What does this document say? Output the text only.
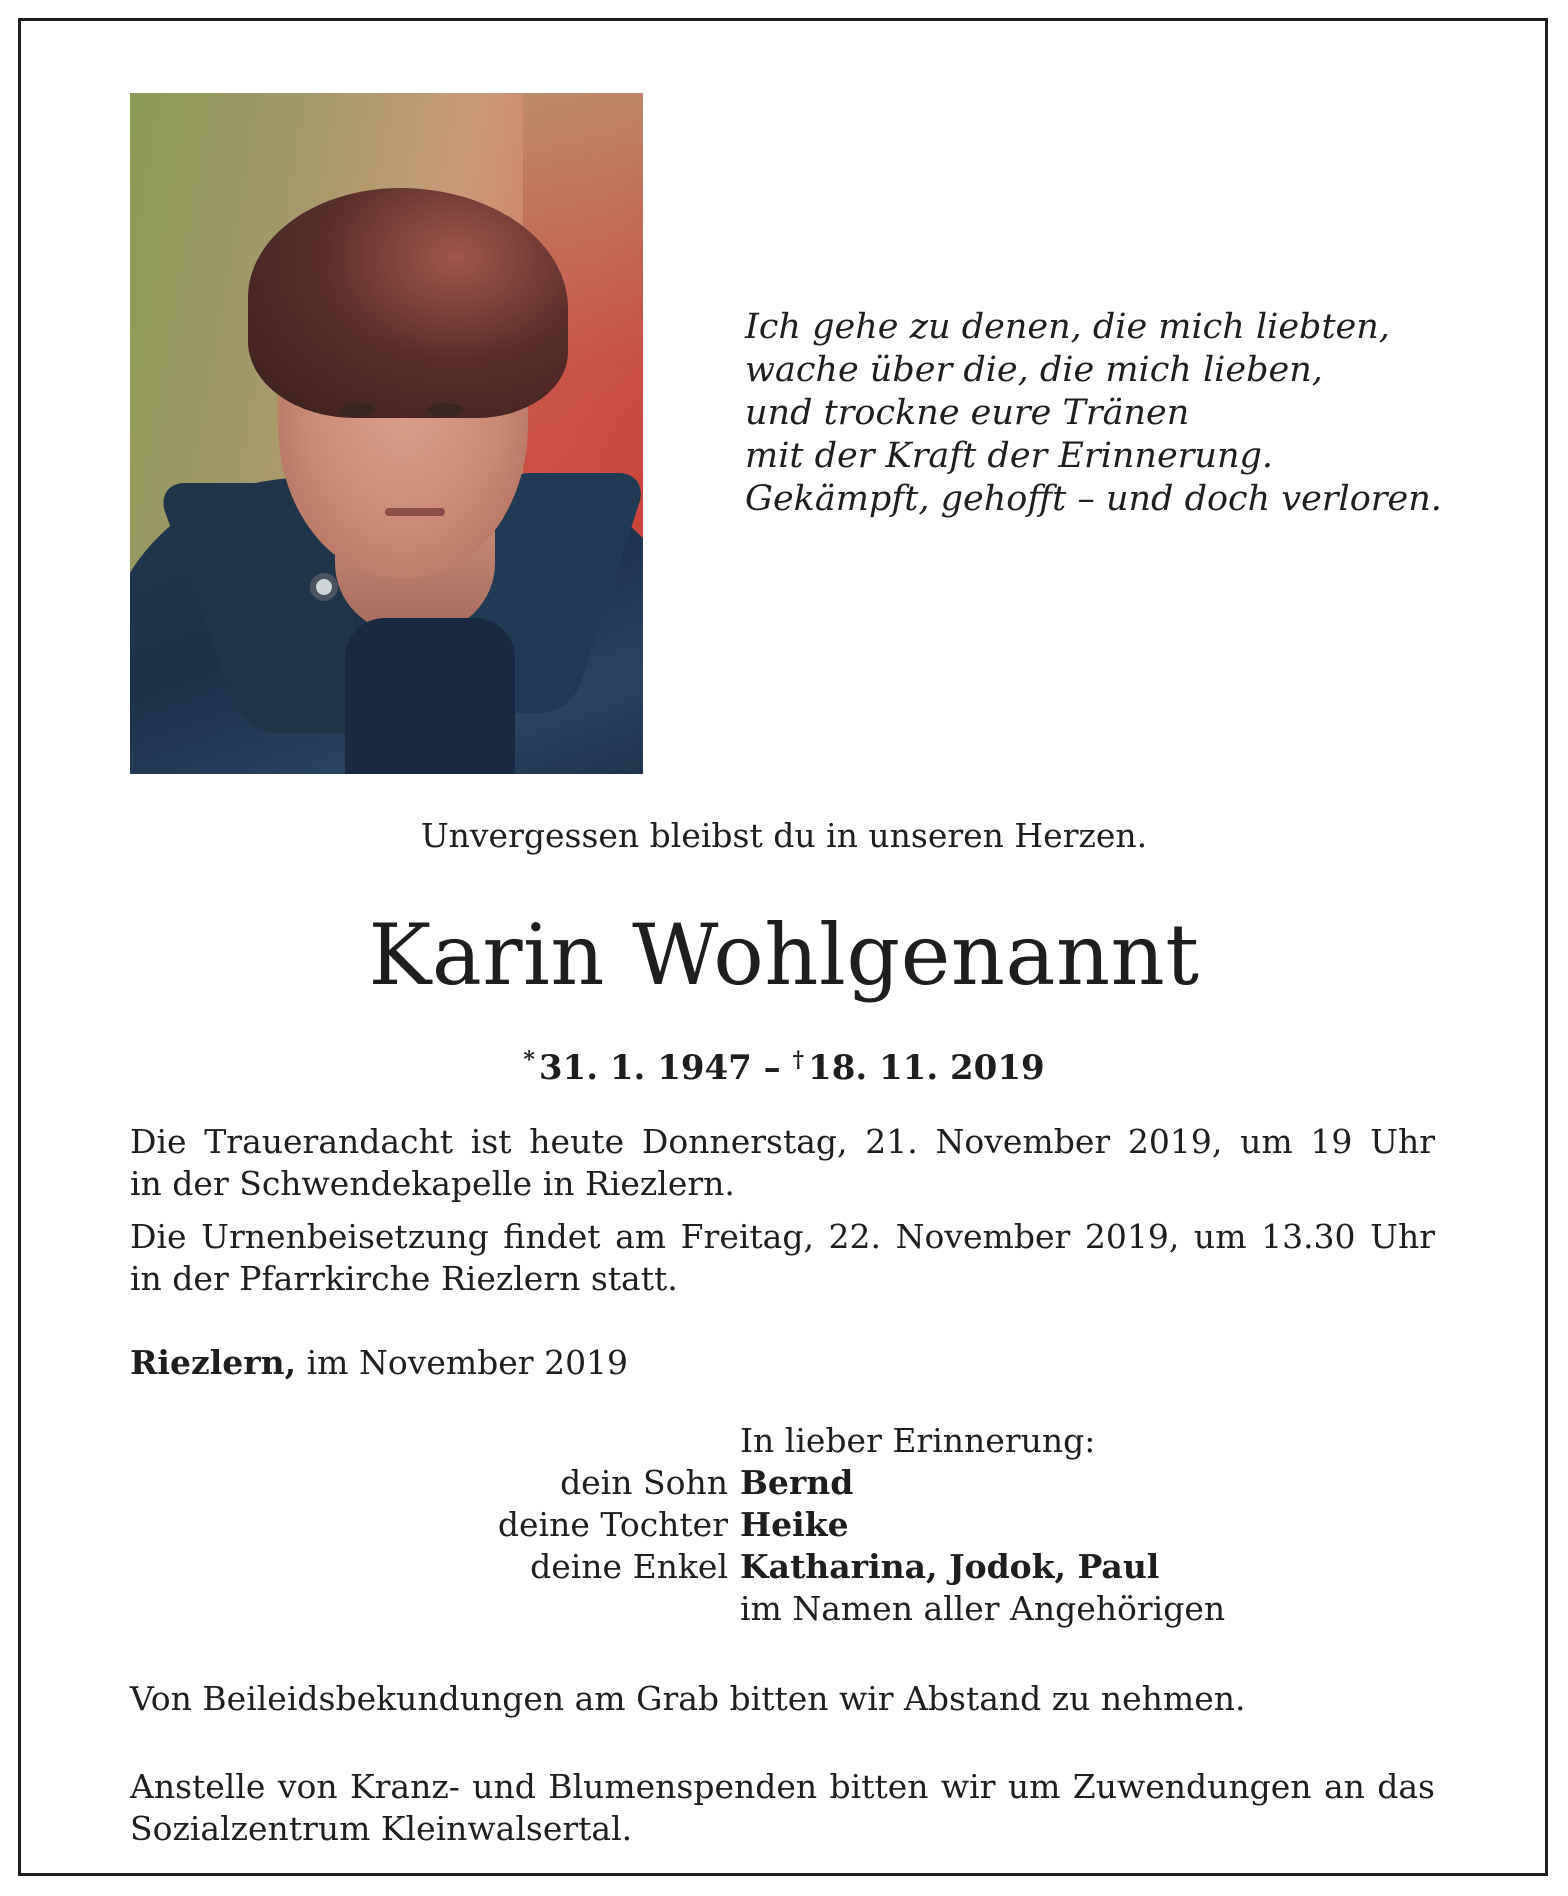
Ich gehe zu denen, die mich liebten,
wache über die, die mich lieben,
und trockne eure Tränen
mit der Kraft der Erinnerung.
Gekämpft, gehofft – und doch verloren.
Unvergessen bleibst du in unseren Herzen.
Karin Wohlgenannt
* 31. 1. 1947 – † 18. 11. 2019

Die Trauerandacht ist heute Donnerstag, 21. November 2019, um 19 Uhr

in der Schwendekapelle in Riezlern.

Die Urnenbeisetzung findet am Freitag, 22. November 2019, um 13.30 Uhr

in der Pfarrkirche Riezlern statt.

Riezlern, im November 2019
In lieber Erinnerung:
dein Sohn Bernd
deine Tochter Heike
deine Enkel Katharina, Jodok, Paul
im Namen aller Angehörigen

Von Beileidsbekundungen am Grab bitten wir Abstand zu nehmen.

Anstelle von Kranz- und Blumenspenden bitten wir um Zuwendungen an das

Sozialzentrum Kleinwalsertal.
